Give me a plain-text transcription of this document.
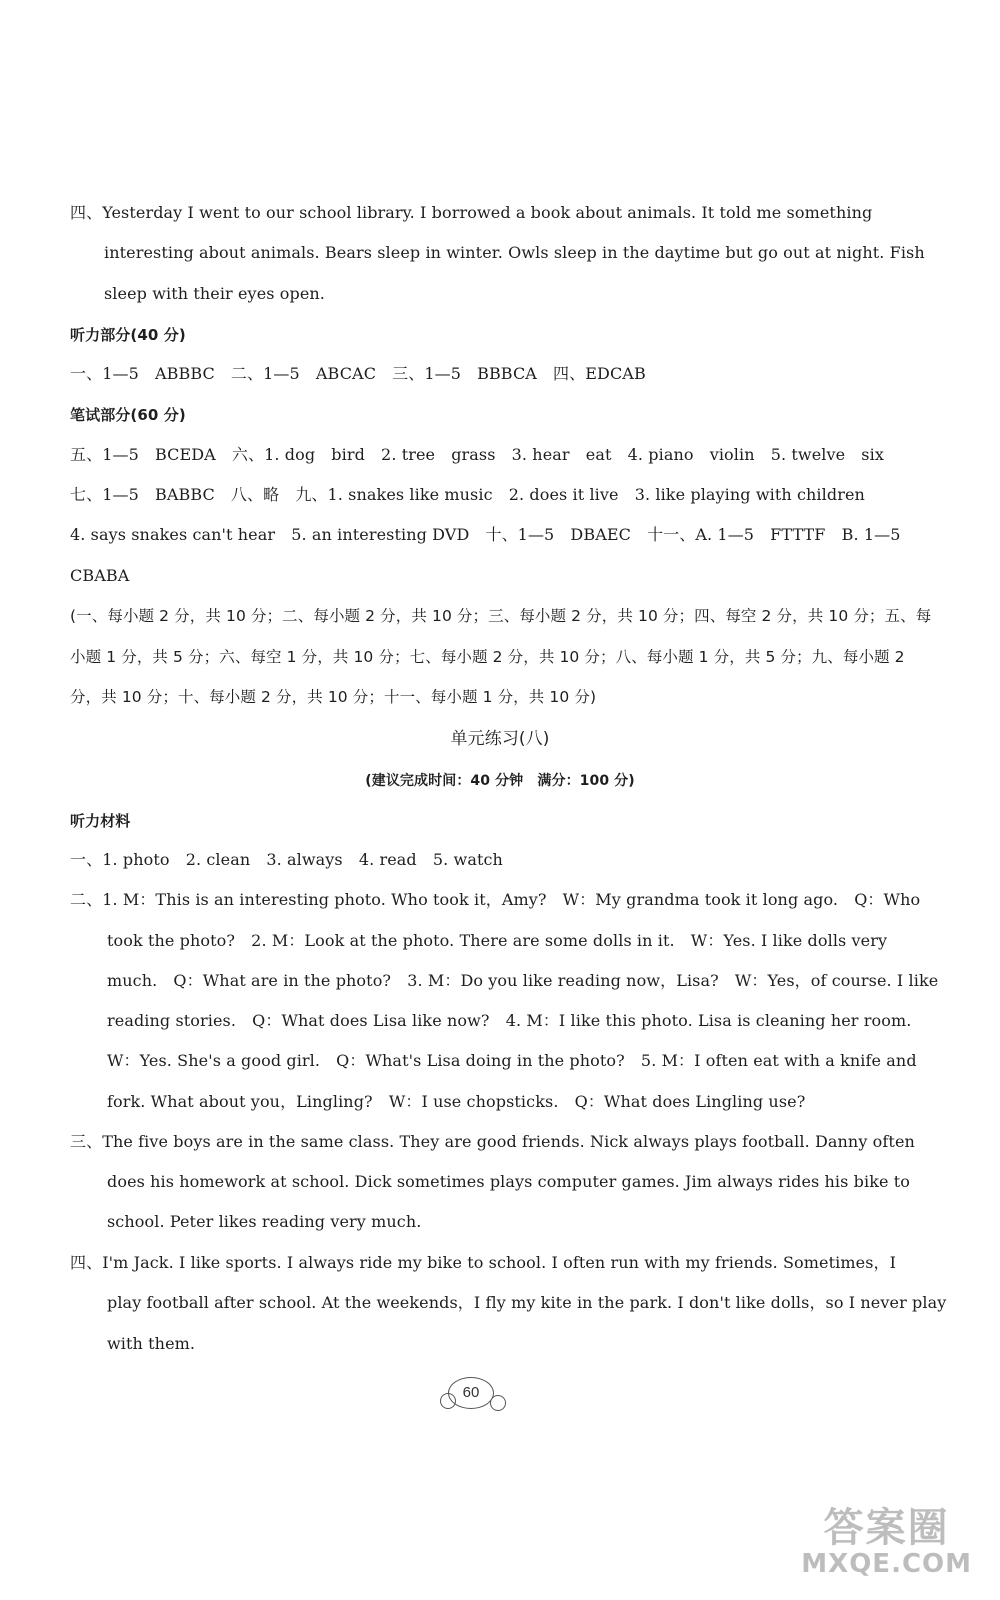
四、Yesterday I went to our school library. I borrowed a book about animals. It told me something
interesting about animals. Bears sleep in winter. Owls sleep in the daytime but go out at night. Fish
sleep with their eyes open.
听力部分(40 分)
一、1—5　ABBBC　二、1—5　ABCAC　三、1—5　BBBCA　四、EDCAB
笔试部分(60 分)
五、1—5　BCEDA　六、1. dog　bird　2. tree　grass　3. hear　eat　4. piano　violin　5. twelve　six
七、1—5　BABBC　八、略　九、1. snakes like music　2. does it live　3. like playing with children
4. says snakes can't hear　5. an interesting DVD　十、1—5　DBAEC　十一、A. 1—5　FTTTF　B. 1—5
CBABA
(一、每小题 2 分，共 10 分；二、每小题 2 分，共 10 分；三、每小题 2 分，共 10 分；四、每空 2 分，共 10 分；五、每
小题 1 分，共 5 分；六、每空 1 分，共 10 分；七、每小题 2 分，共 10 分；八、每小题 1 分，共 5 分；九、每小题 2
分，共 10 分；十、每小题 2 分，共 10 分；十一、每小题 1 分，共 10 分)
单元练习(八)
(建议完成时间：40 分钟　满分：100 分)
听力材料
一、1. photo　2. clean　3. always　4. read　5. watch
二、1. M：This is an interesting photo. Who took it，Amy?　W：My grandma took it long ago.　Q：Who
took the photo?　2. M：Look at the photo. There are some dolls in it.　W：Yes. I like dolls very
much.　Q：What are in the photo?　3. M：Do you like reading now，Lisa?　W：Yes，of course. I like
reading stories.　Q：What does Lisa like now?　4. M：I like this photo. Lisa is cleaning her room.
W：Yes. She's a good girl.　Q：What's Lisa doing in the photo?　5. M：I often eat with a knife and
fork. What about you，Lingling?　W：I use chopsticks.　Q：What does Lingling use?
三、The five boys are in the same class. They are good friends. Nick always plays football. Danny often
does his homework at school. Dick sometimes plays computer games. Jim always rides his bike to
school. Peter likes reading very much.
四、I'm Jack. I like sports. I always ride my bike to school. I often run with my friends. Sometimes，I
play football after school. At the weekends，I fly my kite in the park. I don't like dolls，so I never play
with them.
60
答案圈
MXQE.COM
